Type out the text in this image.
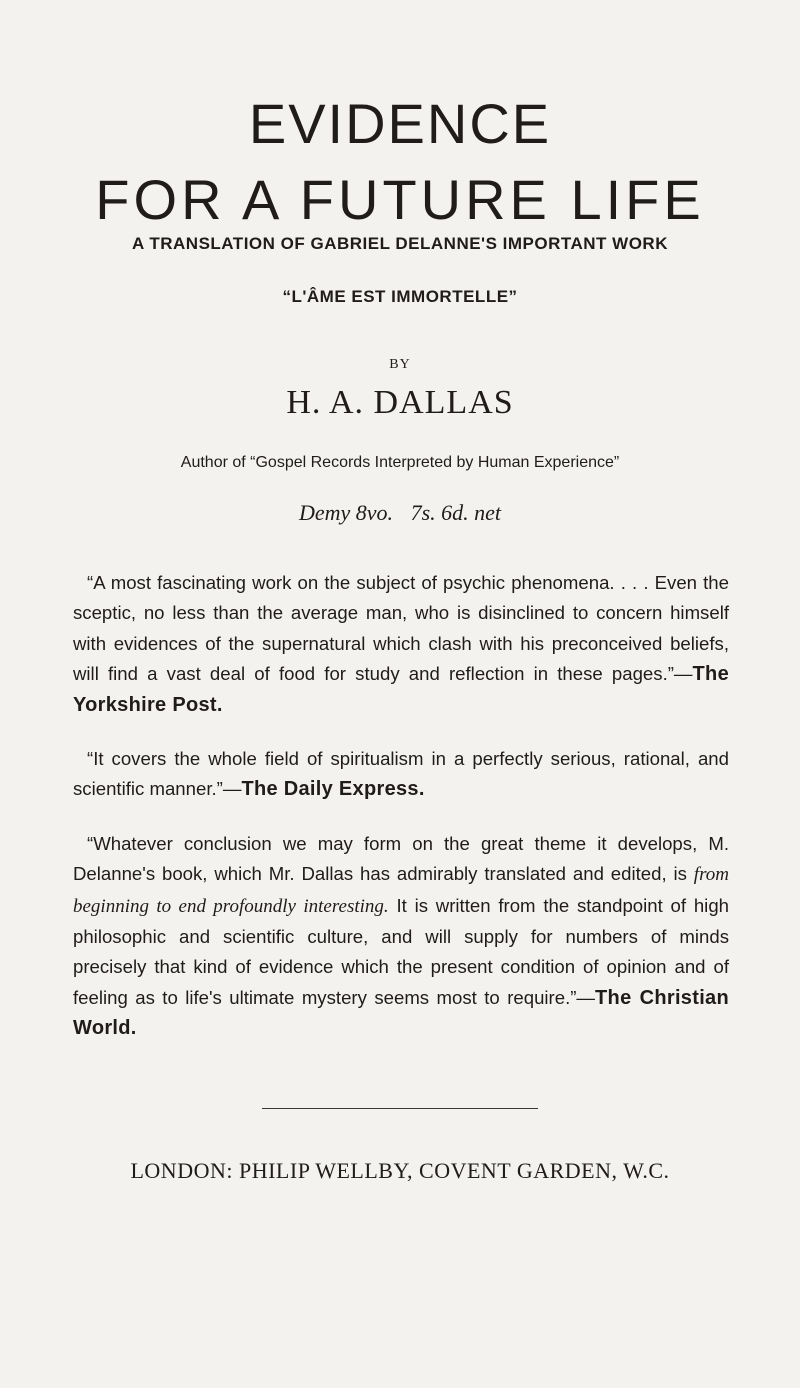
EVIDENCE
FOR A FUTURE LIFE
A TRANSLATION OF GABRIEL DELANNE'S IMPORTANT WORK
“L'ÂME EST IMMORTELLE”
BY
H. A. DALLAS
Author of “Gospel Records Interpreted by Human Experience”
Demy 8vo. 7s. 6d. net

“A most fascinating work on the subject of psychic phenomena. . . . Even the sceptic, no less than the average man, who is disinclined to concern himself with evidences of the supernatural which clash with his preconceived beliefs, will find a vast deal of food for study and reflection in these pages.”—The Yorkshire Post.

“It covers the whole field of spiritualism in a perfectly serious, rational, and scientific manner.”—The Daily Express.

“Whatever conclusion we may form on the great theme it develops, M. Delanne's book, which Mr. Dallas has admirably translated and edited, is from beginning to end profoundly interesting. It is written from the standpoint of high philosophic and scientific culture, and will supply for numbers of minds precisely that kind of evidence which the present condition of opinion and of feeling as to life's ultimate mystery seems most to require.”—The Christian World.

LONDON: PHILIP WELLBY, COVENT GARDEN, W.C.
